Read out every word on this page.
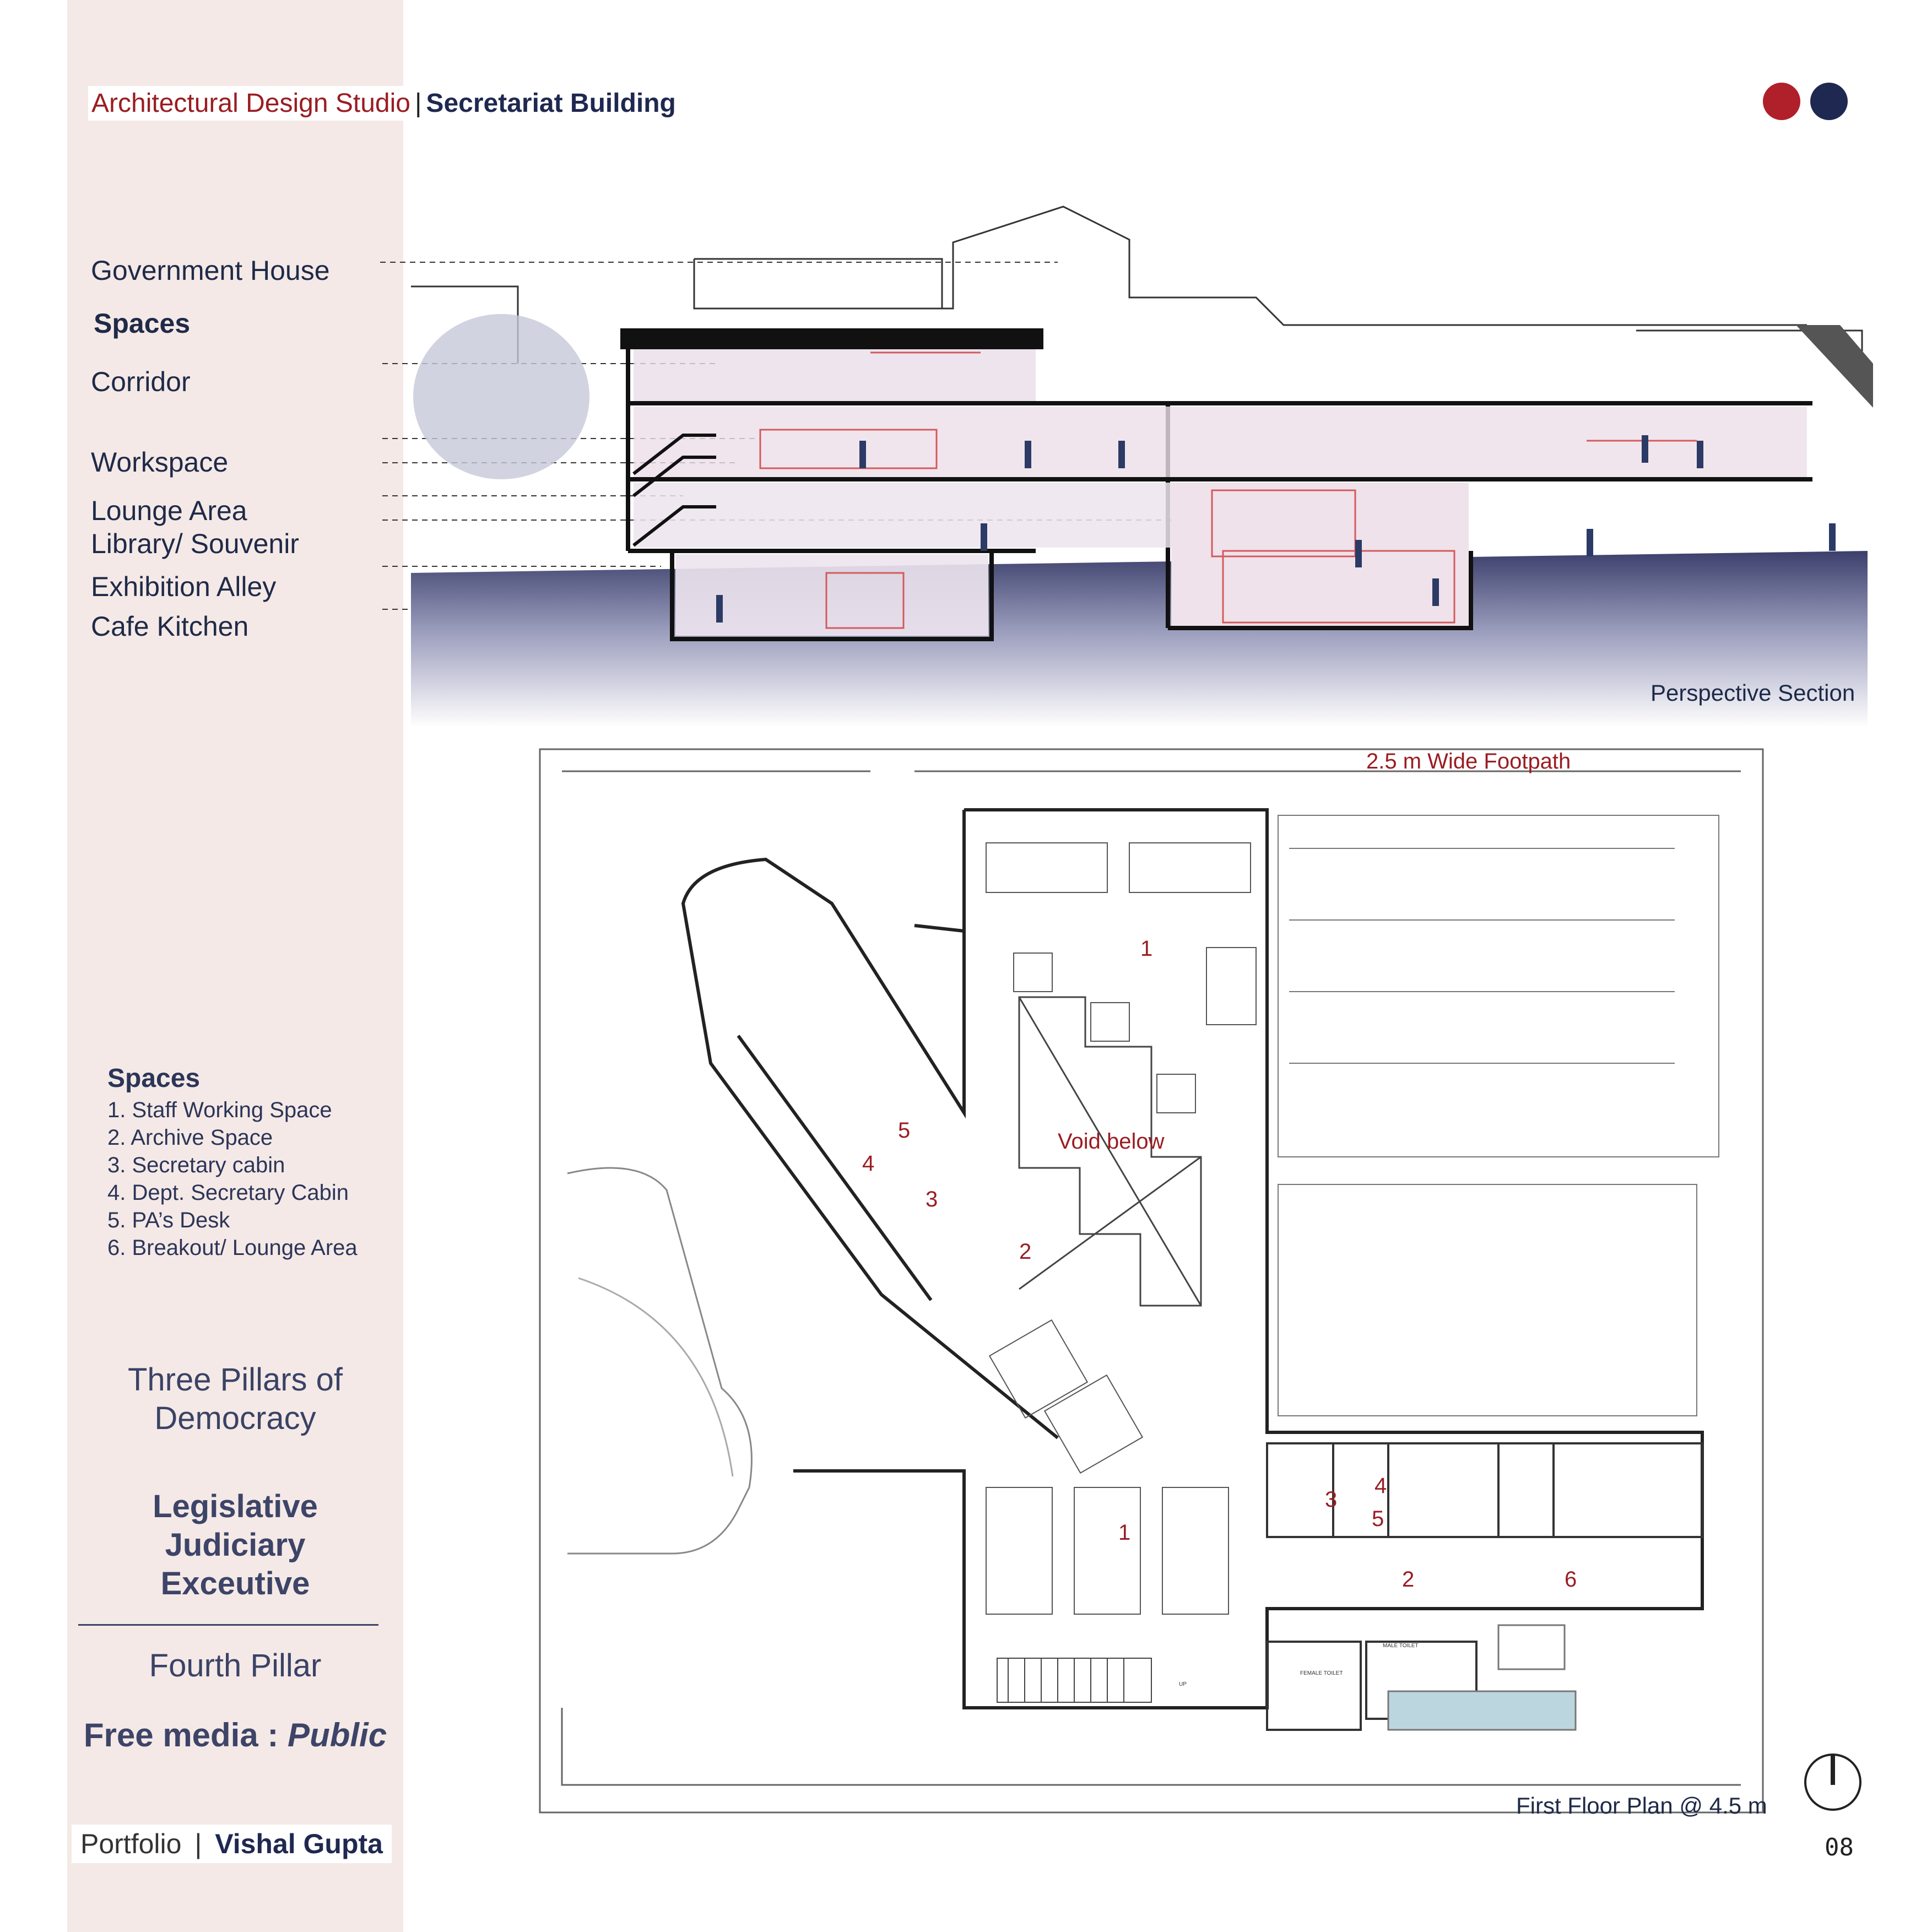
Architectural Design Studio | Secretariat Building
Government House
Spaces
Corridor
Workspace
Lounge Area
Library/ Souvenir
Exhibition Alley
Cafe Kitchen
Perspective Section
2.5 m Wide Footpath
Void below
1
1
2
2
3
3
4
4
5
5
6
FEMALE TOILET
MALE TOILET
UP
First Floor Plan @ 4.5 m
Spaces
1. Staff Working Space
2. Archive Space
3. Secretary cabin
4. Dept. Secretary Cabin
5. PA’s Desk
6. Breakout/ Lounge Area
Three Pillars of
Democracy
Legislative
Judiciary
Exceutive
Fourth Pillar
Free media : Public
Portfolio | Vishal Gupta	08
